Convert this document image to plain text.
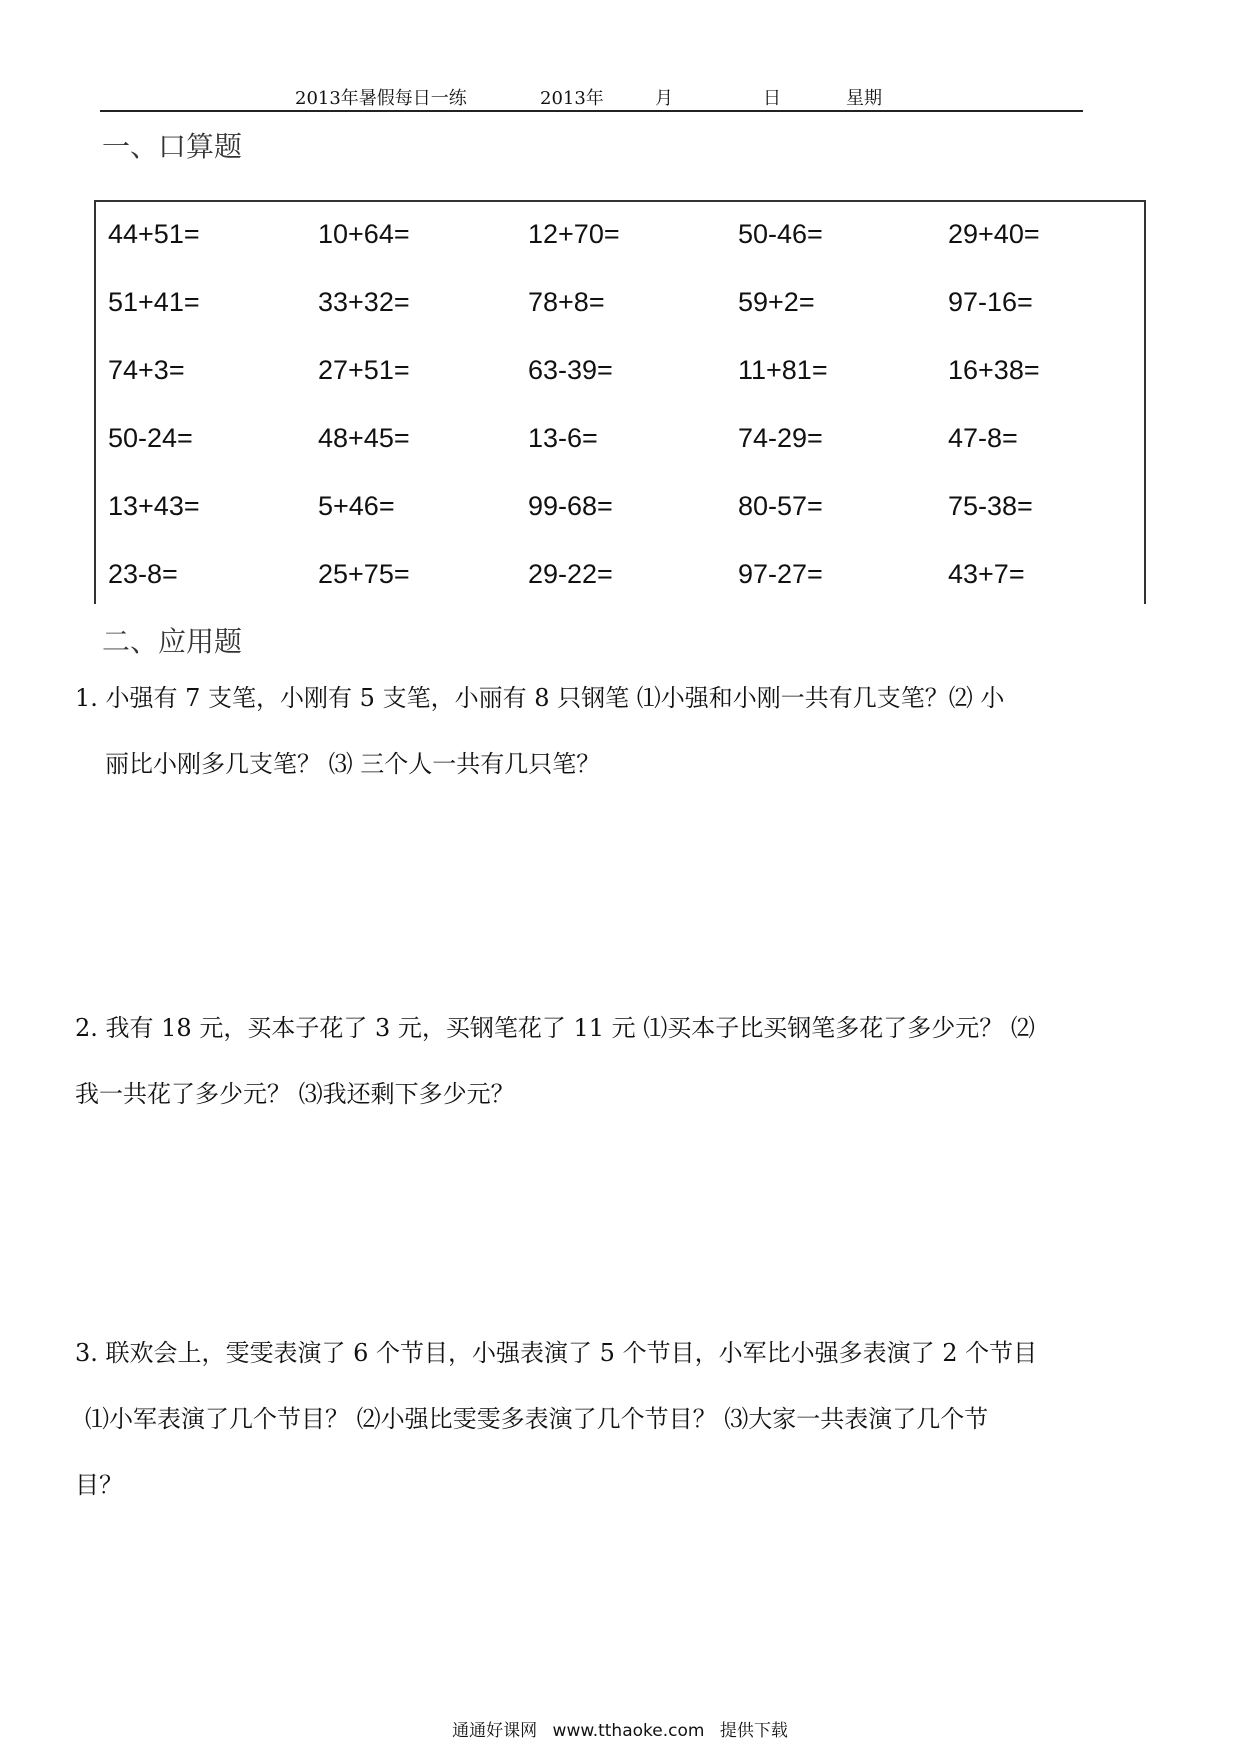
2013年暑假每日一练	2013年	月	日	星期
一、口算题
44+51=	10+64=	12+70=	50-46=	29+40=
51+41=	33+32=	78+8=	59+2=	97-16=
74+3=	27+51=	63-39=	11+81=	16+38=
50-24=	48+45=	13-6=	74-29=	47-8=
13+43=	5+46=	99-68=	80-57=	75-38=
23-8=	25+75=	29-22=	97-27=	43+7=
二、应用题
1. 小强有 7 支笔，小刚有 5 支笔，小丽有 8 只钢笔 ⑴小强和小刚一共有几支笔？⑵ 小
丽比小刚多几支笔？ ⑶ 三个人一共有几只笔？
2. 我有 18 元，买本子花了 3 元，买钢笔花了 11 元 ⑴买本子比买钢笔多花了多少元？ ⑵
我一共花了多少元？ ⑶我还剩下多少元？
3. 联欢会上，雯雯表演了 6 个节目，小强表演了 5 个节目，小军比小强多表演了 2 个节目
⑴小军表演了几个节目？ ⑵小强比雯雯多表演了几个节目？ ⑶大家一共表演了几个节
目？
通通好课网 www.tthaoke.com 提供下载
